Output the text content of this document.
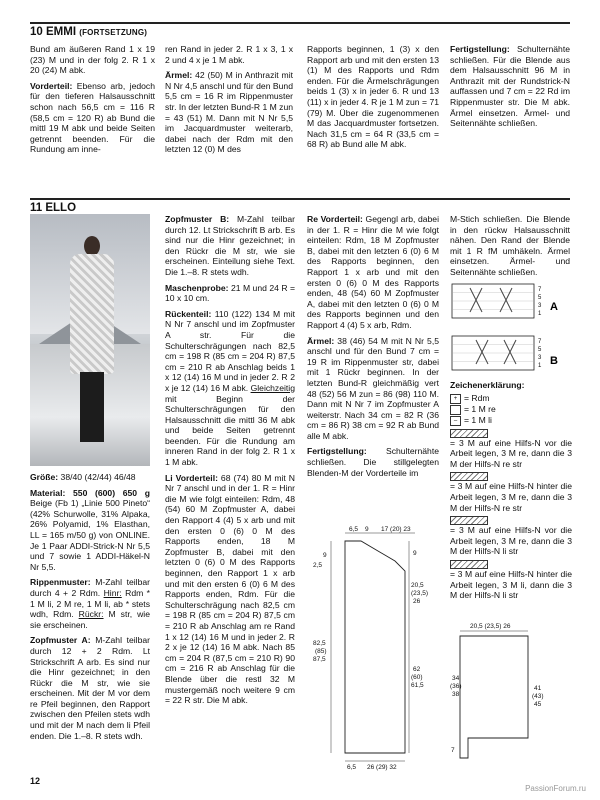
10 EMMI (FORTSETZUNG)

Bund am äußeren Rand 1 x 19 (23) M und in der folg 2. R 1 x 20 (24) M abk.

Vorderteil: Ebenso arb, jedoch für den tieferen Halsausschnitt schon nach 56,5 cm = 116 R (58,5 cm = 120 R) ab Bund die mittl 19 M abk und beide Seiten getrennt beenden. Für die Rundung am inne-

ren Rand in jeder 2. R 1 x 3, 1 x 2 und 4 x je 1 M abk.

Ärmel: 42 (50) M in Anthrazit mit N Nr 4,5 anschl und für den Bund 5,5 cm = 16 R im Rippenmuster str. In der letzten Bund-R 1 M zun = 43 (51) M. Dann mit N Nr 5,5 im Jacquardmuster weiterarb, dabei nach der Rdm mit den letzten 12 (0) M des

Rapports beginnen, 1 (3) x den Rapport arb und mit den ersten 13 (1) M des Rapports und Rdm enden. Für die Ärmelschrägungen beids 1 (3) x in jeder 6. R und 13 (11) x in jeder 4. R je 1 M zun = 71 (79) M. Über die zugenommenen M das Jacquardmuster fortsetzen. Nach 31,5 cm = 64 R (33,5 cm = 68 R) ab Bund alle M abk.

Fertigstellung: Schulternähte schließen. Für die Blende aus dem Halsausschnitt 96 M in Anthrazit mit der Rundstrick-N auffassen und 7 cm = 22 Rd im Rippenmuster str. Die M abk. Ärmel einsetzen. Ärmel- und Seitennähte schließen.

11 ELLO

Größe: 38/40 (42/44) 46/48

Material: 550 (600) 650 g Beige (Fb 1) „Linie 500 Pineto“ (42% Schurwolle, 31% Alpaka, 26% Polyamid, 1% Elasthan, LL = 165 m/50 g) von ONLINE. Je 1 Paar ADDI-Strick-N Nr 5,5 und 7 sowie 1 ADDI-Häkel-N Nr 5,5.

Rippenmuster: M-Zahl teilbar durch 4 + 2 Rdm. Hinr: Rdm * 1 M li, 2 M re, 1 M li, ab * stets wdh, Rdm. Rückr: M str, wie sie erscheinen.

Zopfmuster A: M-Zahl teilbar durch 12 + 2 Rdm. Lt Strickschrift A arb. Es sind nur die Hinr gezeichnet; in den Rückr die M str, wie sie erscheinen. Mit der M vor dem re Pfeil beginnen, den Rapport zwischen den Pfeilen stets wdh und mit der M nach dem li Pfeil enden. Die 1.–8. R stets wdh.

Zopfmuster B: M-Zahl teilbar durch 12. Lt Strickschrift B arb. Es sind nur die Hinr gezeichnet; in den Rückr die M str, wie sie erscheinen. Einteilung siehe Text. Die 1.–8. R stets wdh.

Maschenprobe: 21 M und 24 R = 10 x 10 cm.

Rückenteil: 110 (122) 134 M mit N Nr 7 anschl und im Zopfmuster A str. Für die Schulterschrägungen nach 82,5 cm = 198 R (85 cm = 204 R) 87,5 cm = 210 R ab Anschlag beids 1 x 12 (14) 16 M und in jeder 2. R 2 x je 12 (14) 16 M abk. Gleichzeitig mit Beginn der Schulterschrägungen für den Halsausschnitt die mittl 36 M abk und beide Seiten getrennt beenden. Für die Rundung am inneren Rand in der folg 2. R 1 x 1 M abk.

Li Vorderteil: 68 (74) 80 M mit N Nr 7 anschl und in der 1. R = Hinr die M wie folgt einteilen: Rdm, 48 (54) 60 M Zopfmuster A, dabei den Rapport 4 (4) 5 x arb und mit den ersten 0 (6) 0 M des Rapports enden, 18 M Zopfmuster B, dabei mit den letzten 0 (6) 0 M des Rapports beginnen, den Rapport 1 x arb und mit den ersten 6 (0) 6 M des Rapports enden, Rdm. Für die Schulterschrägung nach 82,5 cm = 198 R (85 cm = 204 R) 87,5 cm = 210 R ab Anschlag am re Rand 1 x 12 (14) 16 M und in jeder 2. R 2 x je 12 (14) 16 M abk. Nach 85 cm = 204 R (87,5 cm = 210 R) 90 cm = 216 R ab Anschlag für die Blende über die restl 32 M mustergemäß noch weitere 9 cm = 22 R str. Die M abk.

Re Vorderteil: Gegengl arb, dabei in der 1. R = Hinr die M wie folgt einteilen: Rdm, 18 M Zopfmuster B, dabei mit den letzten 6 (0) 6 M des Rapports beginnen, den Rapport 1 x arb und mit den ersten 0 (6) 0 M des Rapports enden, 48 (54) 60 M Zopfmuster A, dabei mit den letzten 0 (6) 0 M des Rapports beginnen und den Rapport 4 (4) 5 x arb, Rdm.

Ärmel: 38 (46) 54 M mit N Nr 5,5 anschl und für den Bund 7 cm = 19 R im Rippenmuster str, dabei mit 1 Rückr beginnen. In der letzten Bund-R gleichmäßig vert 48 (52) 56 M zun = 86 (98) 110 M. Dann mit N Nr 7 im Zopfmuster A weiterstr. Nach 34 cm = 82 R (36 cm = 86 R) 38 cm = 92 R ab Bund alle M abk.

Fertigstellung: Schulternähte schließen. Die stillgelegten Blenden-M der Vorderteile im

6,5 9 17 (20) 23
9
2,5
82,5
(85)
87,5
9
20,5
(23,5)
26
62
(60)
61,5
6,5 26 (29) 32

M-Stich schließen. Die Blende in den rückw Halsausschnitt nähen. Den Rand der Blende mit 1 R fM umhäkeln. Ärmel einsetzen. Ärmel- und Seitennähte schließen.

7
5
3
1
A
7
5
3
1 B
Zeichenerklärung:
+ = Rdm
= 1 M re
– = 1 M li
= 3 M auf eine Hilfs-N vor die Arbeit legen, 3 M re, dann die 3 M der Hilfs-N re str
= 3 M auf eine Hilfs-N hinter die Arbeit legen, 3 M re, dann die 3 M der Hilfs-N re str
= 3 M auf eine Hilfs-N vor die Arbeit legen, 3 M re, dann die 3 M der Hilfs-N li str
= 3 M auf eine Hilfs-N hinter die Arbeit legen, 3 M li, dann die 3 M der Hilfs-N li str
20,5 (23,5) 26
34
(36)
38
41
(43)
45
7
12
PassionForum.ru
